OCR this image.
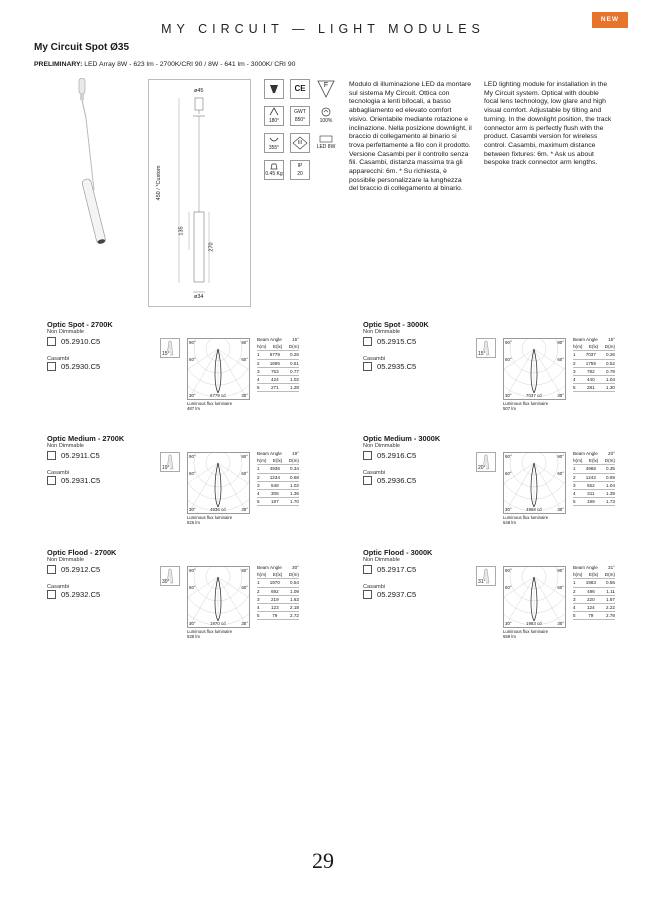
MY CIRCUIT — LIGHT MODULES
NEW
My Circuit Spot Ø35
PRELIMINARY: LED Array 8W - 623 lm - 2700K/CRI 90 / 8W - 641 lm - 3000K/ CRI 90
ø45
450 / *Custom
135
270
ø34
CE	F
180°
GWT
850°	100%
355°
III
LED 8W
0.45 Kg
IP
20
Modulo di illuminazione LED da montare sul sistema My Circuit. Ottica con tecnologia a lenti bifocali, a basso abbagliamento ed elevato comfort visivo. Orientabile mediante rotazione e inclinazione. Nella posizione downlight, il braccio di collegamento al binario si trova perfettamente a filo con il prodotto. Versione Casambi per il controllo senza fili. Casambi, distanza massima tra gli apparecchi: 6m. * Su richiesta, è possibile personalizzare la lunghezza del braccio di collegamento al binario.
LED lighting module for installation in the My Circuit system. Optical with double focal lens technology, low glare and high visual comfort. Adjustable by tilting and turning. In the downlight position, the track connector arm is perfectly flush with the product. Casambi version for wireless control. Casambi, maximum distance between fixtures: 6m. * Ask us about bespoke track connector arm lengths.
Optic Spot - 2700K
Non Dimmable
05.2910.C5
Casambi
05.2930.C5
15°
90°	90°
60°	60°
30°	30°
6779 cd
Luminous flux luminaire
487 lm
Beam Angle 15°
h(m) E(lx) D(m)
1 6779 0.26
2 1695 0.51
3 753 0.77
4 424 1.02
5 271 1.28
Optic Spot - 3000K
Non Dimmable
05.2915.C5
Casambi
05.2935.C5
15°
90°	90°
60°	60°
30°	30°
7037 cd
Luminous flux luminaire
507 lm
Beam Angle 15°
h(m) E(lx) D(m)
1 7037 0.26
2 1759 0.52
3 782 0.78
4 440 1.04
5 281 1.30
Optic Medium - 2700K
Non Dimmable
05.2911.C5
Casambi
05.2931.C5
19°
90°	90°
60°	60°
30°	30°
4936 cd
Luminous flux luminaire
525 lm
Beam Angle 19°
h(m) E(lx) D(m)
1 4936 0.34
2 1234 0.68
3 548 1.02
4 308 1.36
5 197 1.70
Optic Medium - 3000K
Non Dimmable
05.2916.C5
Casambi
05.2936.C5
20°
90°	90°
60°	60°
30°	30°
4968 cd
Luminous flux luminaire
548 lm
Beam Angle 20°
h(m) E(lx) D(m)
1 4968 0.35
2 1242 0.69
3 552 1.04
4	311	1.39
5 199 1.73
Optic Flood - 2700K
Non Dimmable
05.2912.C5
Casambi
05.2932.C5
30°
90°	90°
60°	60°
30°	30°
1970 cd
Luminous flux luminaire
538 lm
Beam Angle 30°
h(m) E(lx) D(m)
1 1970 0.54
2 692 1.09
3 219 1.63
4 123 2.18
5	79	2.72
Optic Flood - 3000K
Non Dimmable
05.2917.C5
Casambi
05.2937.C5
31°
90°	90°
60°	60°
30°	30°
1983 cd
Luminous flux luminaire
559 lm
Beam Angle 31°
h(m) E(lx) D(m)
1 1983 0.56
2	496	1.11
3 220 1.67
4 124 2.22
5	79	2.78
29
